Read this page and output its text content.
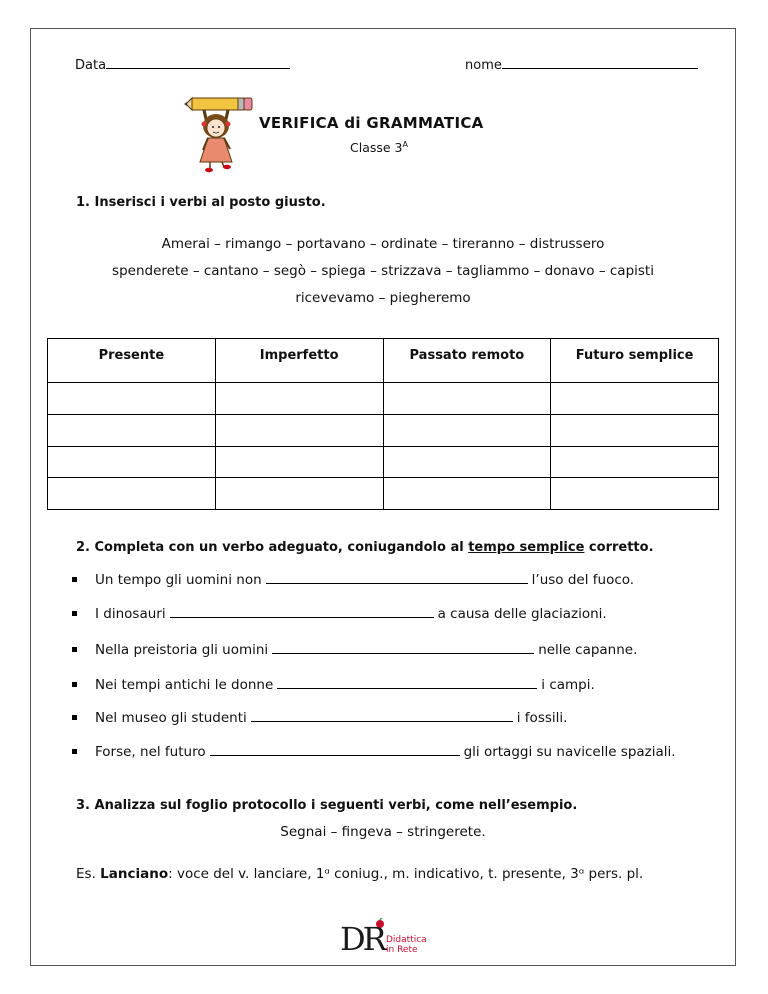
Data	nome
VERIFICA di GRAMMATICA
Classe $3^A$
1. Inserisci i verbi al posto giusto.
Amerai – rimango – portavano – ordinate – tireranno – distrussero
spenderete – cantano – segò – spiega – strizzava – tagliammo – donavo – capisti
ricevevamo – piegheremo
Presente	Imperfetto	Passato remoto	Futuro semplice

2. Completa con un verbo adeguato, coniugandolo al tempo semplice corretto.
Un tempo gli uomini non	l’uso del fuoco.
I dinosauri	a causa delle glaciazioni.
Nella preistoria gli uomini	nelle capanne.
Nei tempi antichi le donne	i campi.
Nel museo gli studenti	i fossili.
Forse, nel futuro	gli ortaggi su navicelle spaziali.
3. Analizza sul foglio protocollo i seguenti verbi, come nell’esempio.
Segnai – fingeva – stringerete.
Es. Lanciano: voce del v. lanciare, 1ᵅ coniug., m. indicativo, t. presente, 3ᵅ pers. pl.
DR Didattica
in Rete
